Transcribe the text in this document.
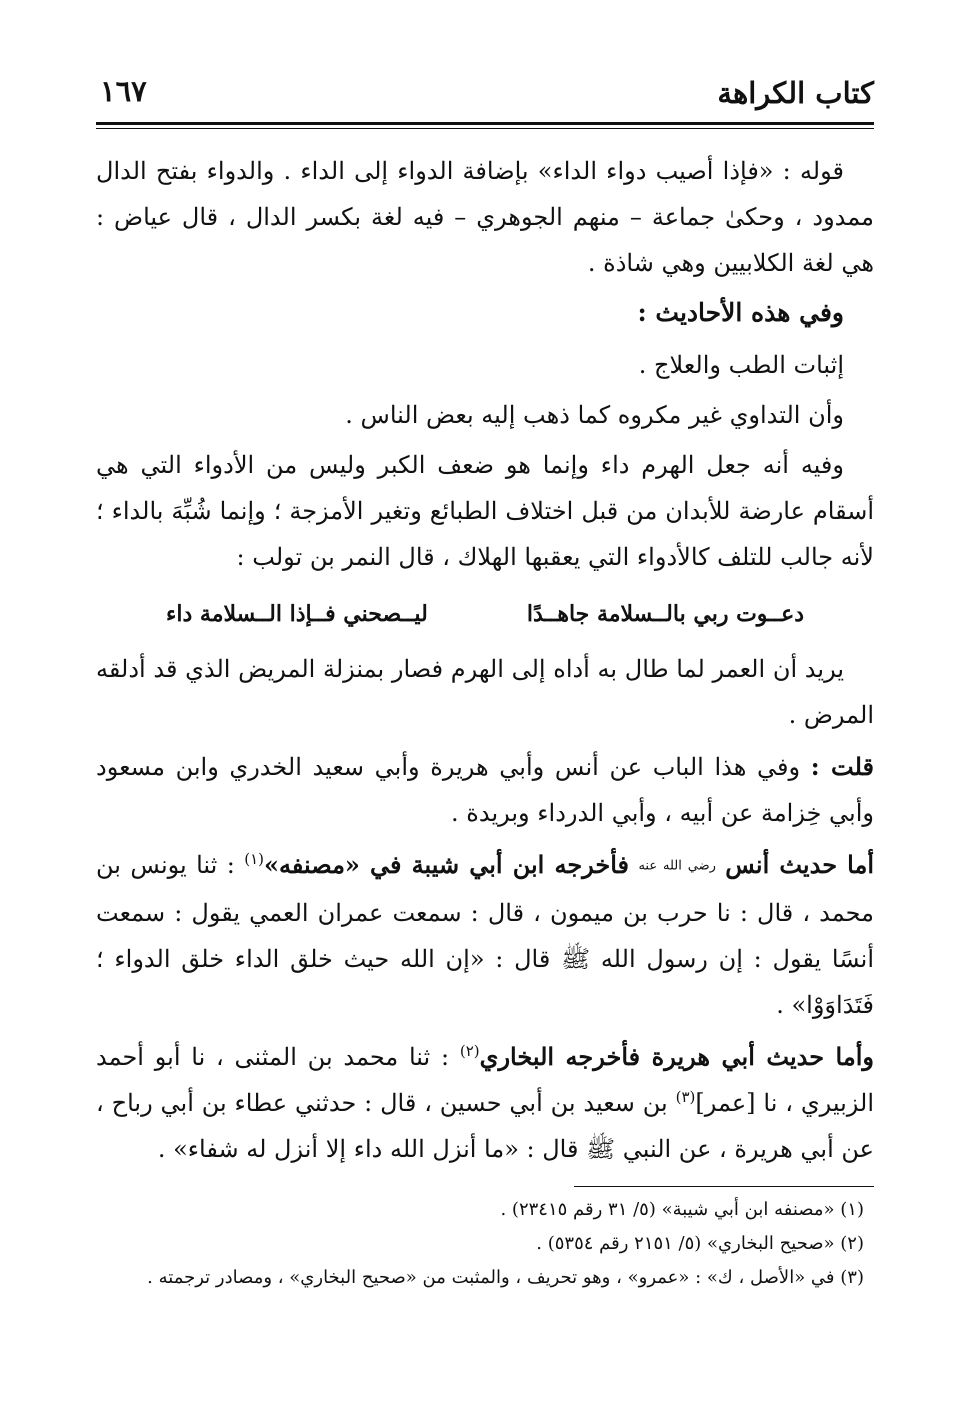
كتاب الكراهة
١٦٧

قوله : «فإذا أصيب دواء الداء» بإضافة الدواء إلى الداء . والدواء بفتح الدال ممدود ، وحكىٰ جماعة – منهم الجوهري – فيه لغة بكسر الدال ، قال عياض : هي لغة الكلابيين وهي شاذة .

وفي هذه الأحاديث :

إثبات الطب والعلاج .

وأن التداوي غير مكروه كما ذهب إليه بعض الناس .

وفيه أنه جعل الهرم داء وإنما هو ضعف الكبر وليس من الأدواء التي هي أسقام عارضة للأبدان من قبل اختلاف الطبائع وتغير الأمزجة ؛ وإنما شُبِّهَ بالداء ؛ لأنه جالب للتلف كالأدواء التي يعقبها الهلاك ، قال النمر بن تولب :

دعــوت ربي بالــسلامة جاهــدًا
ليــصحني فــإذا الــسلامة داء

يريد أن العمر لما طال به أداه إلى الهرم فصار بمنزلة المريض الذي قد أدلقه المرض .

قلت : وفي هذا الباب عن أنس وأبي هريرة وأبي سعيد الخدري وابن مسعود وأبي خِزامة عن أبيه ، وأبي الدرداء وبريدة .

أما حديث أنس رضي الله عنه فأخرجه ابن أبي شيبة في «مصنفه»$^{(١)}$ : ثنا يونس بن محمد ، قال : نا حرب بن ميمون ، قال : سمعت عمران العمي يقول : سمعت أنسًا يقول : إن رسول الله ﷺ قال : «إن الله حيث خلق الداء خلق الدواء ؛ فَتَدَاوَوْا» .

وأما حديث أبي هريرة فأخرجه البخاري$^{(٢)}$ : ثنا محمد بن المثنى ، نا أبو أحمد الزبيري ، نا [عمر]$^{(٣)}$ بن سعيد بن أبي حسين ، قال : حدثني عطاء بن أبي رباح ، عن أبي هريرة ، عن النبي ﷺ قال : «ما أنزل الله داء إلا أنزل له شفاء» .

(١) «مصنفه ابن أبي شيبة» (٥/ ٣١ رقم ٢٣٤١٥) .

(٢) «صحيح البخاري» (٥/ ٢١٥١ رقم ٥٣٥٤) .

(٣) في «الأصل ، ك» : «عمرو» ، وهو تحريف ، والمثبت من «صحيح البخاري» ، ومصادر ترجمته .
